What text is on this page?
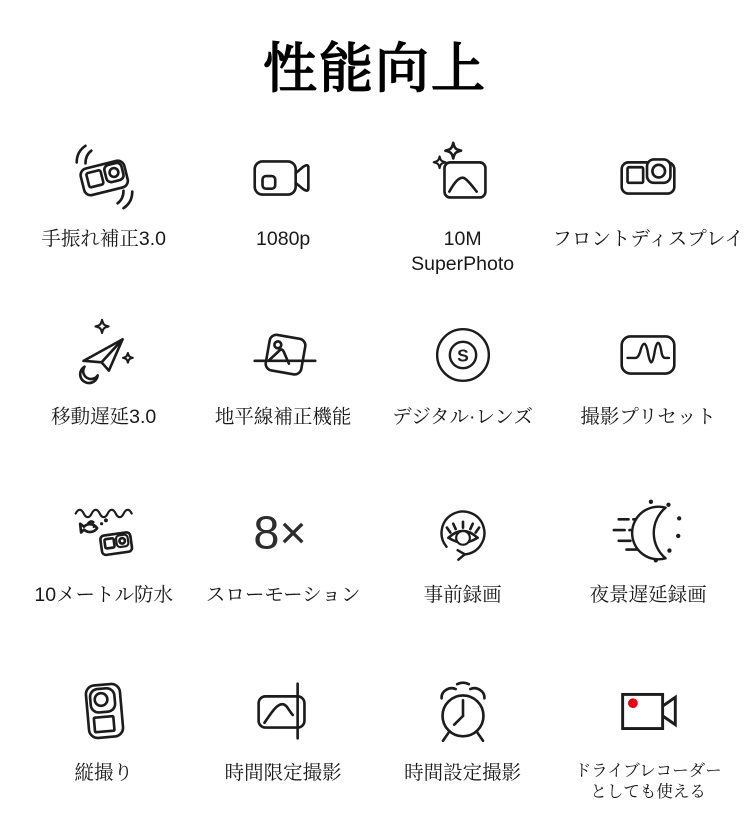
性能向上
手振れ補正3.0	1080p	10M
SuperPhoto
フロントディスプレイ
移動遅延3.0	地平線補正機能
S
デジタル·レンズ 撮影プリセット
10メートル防水
8×
スローモーション	事前録画	夜景遅延録画
縦撮り	時間限定撮影	時間設定撮影	ドライブレコーダー
としても使える
